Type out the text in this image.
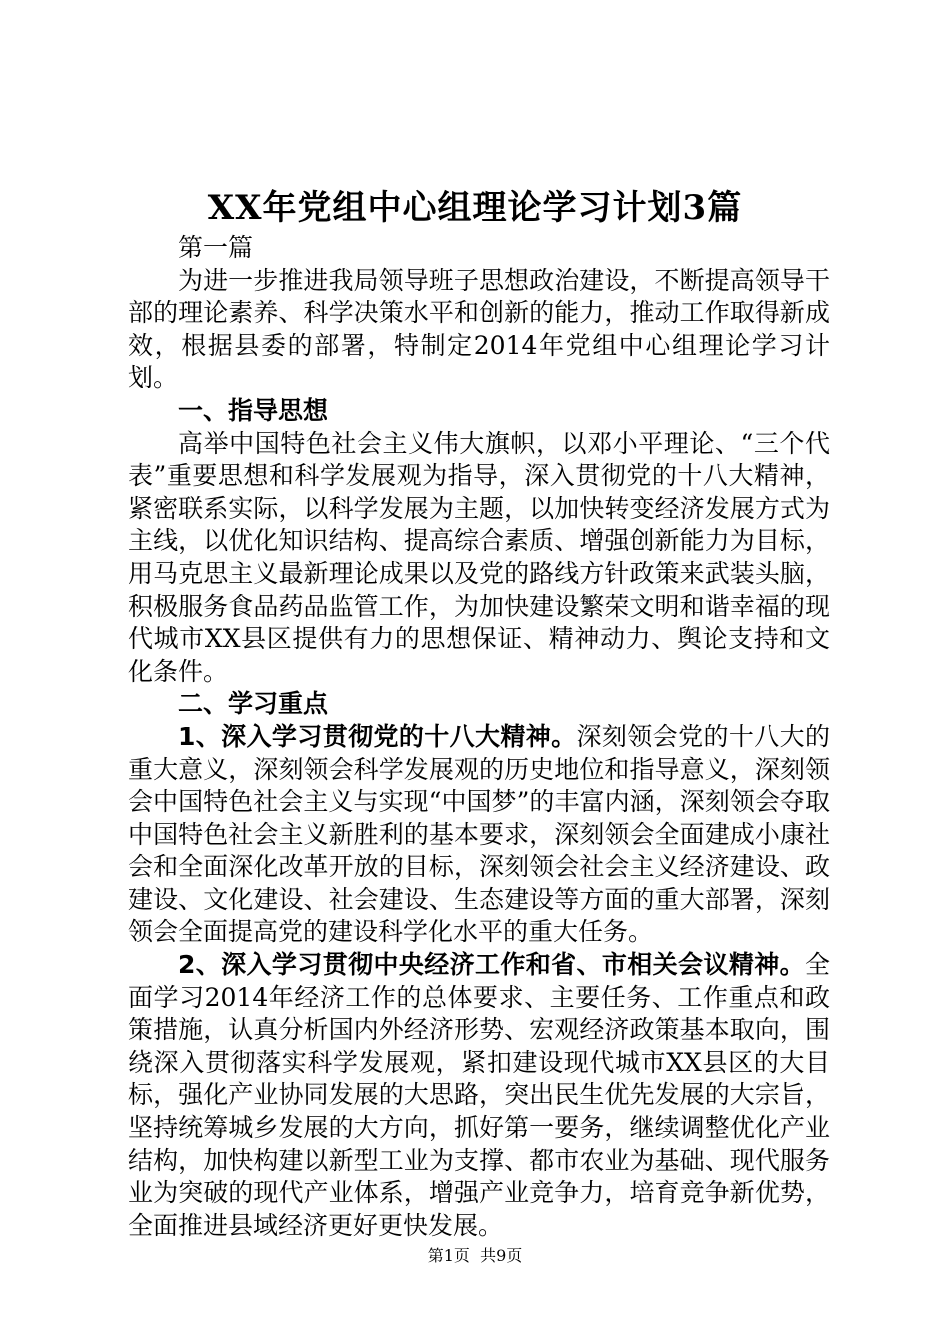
XX年党组中心组理论学习计划3篇

第一篇

为进一步推进我局领导班子思想政治建设，不断提高领导干部的理论素养、科学决策水平和创新的能力，推动工作取得新成效，根据县委的部署，特制定2014年党组中心组理论学习计划。

一、指导思想

高举中国特色社会主义伟大旗帜，以邓小平理论、“三个代表”重要思想和科学发展观为指导，深入贯彻党的十八大精神，紧密联系实际，以科学发展为主题，以加快转变经济发展方式为主线，以优化知识结构、提高综合素质、增强创新能力为目标，用马克思主义最新理论成果以及党的路线方针政策来武装头脑，积极服务食品药品监管工作，为加快建设繁荣文明和谐幸福的现代城市XX县区提供有力的思想保证、精神动力、舆论支持和文化条件。

二、学习重点

1、深入学习贯彻党的十八大精神。深刻领会党的十八大的重大意义，深刻领会科学发展观的历史地位和指导意义，深刻领会中国特色社会主义与实现“中国梦”的丰富内涵，深刻领会夺取中国特色社会主义新胜利的基本要求，深刻领会全面建成小康社会和全面深化改革开放的目标，深刻领会社会主义经济建设、政建设、文化建设、社会建设、生态建设等方面的重大部署，深刻领会全面提高党的建设科学化水平的重大任务。

2、深入学习贯彻中央经济工作和省、市相关会议精神。全面学习2014年经济工作的总体要求、主要任务、工作重点和政策措施，认真分析国内外经济形势、宏观经济政策基本取向，围绕深入贯彻落实科学发展观，紧扣建设现代城市XX县区的大目标，强化产业协同发展的大思路，突出民生优先发展的大宗旨，坚持统筹城乡发展的大方向，抓好第一要务，继续调整优化产业结构，加快构建以新型工业为支撑、都市农业为基础、现代服务业为突破的现代产业体系，增强产业竞争力，培育竞争新优势，全面推进县域经济更好更快发展。

第1页  共9页
